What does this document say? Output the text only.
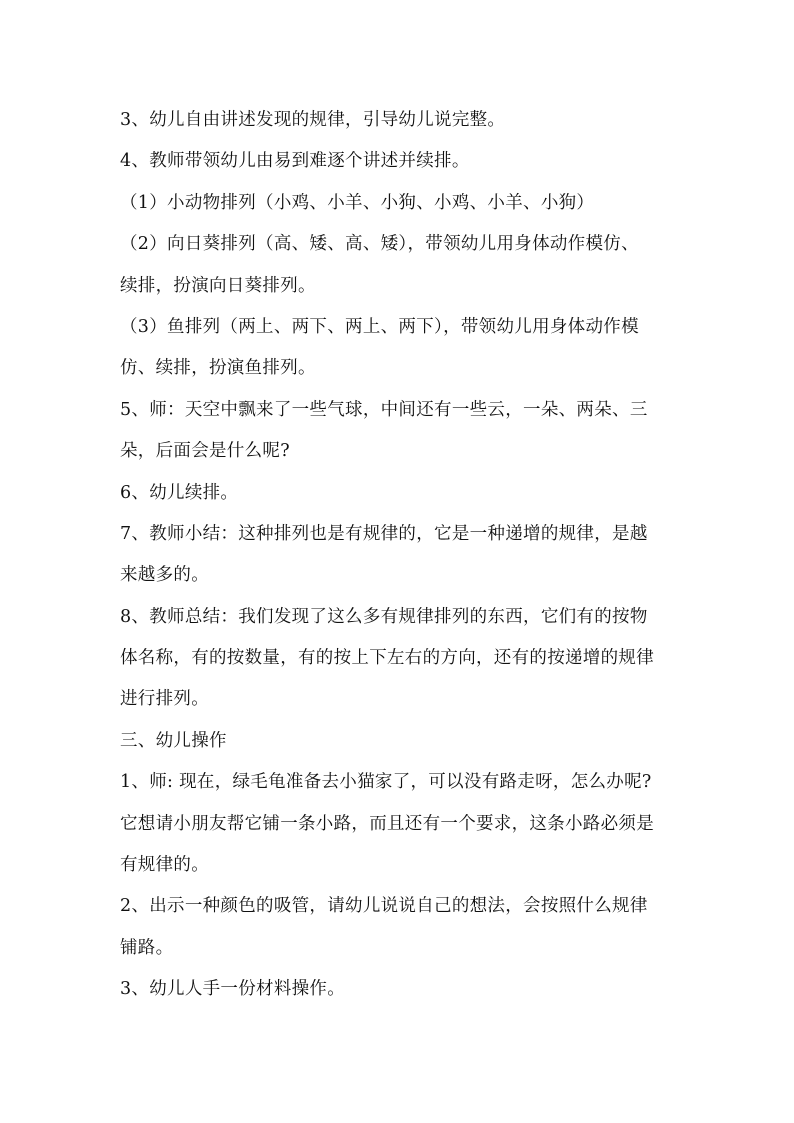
3、幼儿自由讲述发现的规律，引导幼儿说完整。
4、教师带领幼儿由易到难逐个讲述并续排。
（1）小动物排列（小鸡、小羊、小狗、小鸡、小羊、小狗）
（2）向日葵排列（高、矮、高、矮），带领幼儿用身体动作模仿、
续排，扮演向日葵排列。
（3）鱼排列（两上、两下、两上、两下），带领幼儿用身体动作模
仿、续排，扮演鱼排列。
5、师：天空中飘来了一些气球，中间还有一些云，一朵、两朵、三
朵，后面会是什么呢?
6、幼儿续排。
7、教师小结：这种排列也是有规律的，它是一种递增的规律，是越
来越多的。
8、教师总结：我们发现了这么多有规律排列的东西，它们有的按物
体名称，有的按数量，有的按上下左右的方向，还有的按递增的规律
进行排列。
三、幼儿操作
1、师: 现在，绿毛龟准备去小猫家了，可以没有路走呀，怎么办呢?
它想请小朋友帮它铺一条小路，而且还有一个要求，这条小路必须是
有规律的。
2、出示一种颜色的吸管，请幼儿说说自己的想法，会按照什么规律
铺路。
3、幼儿人手一份材料操作。
